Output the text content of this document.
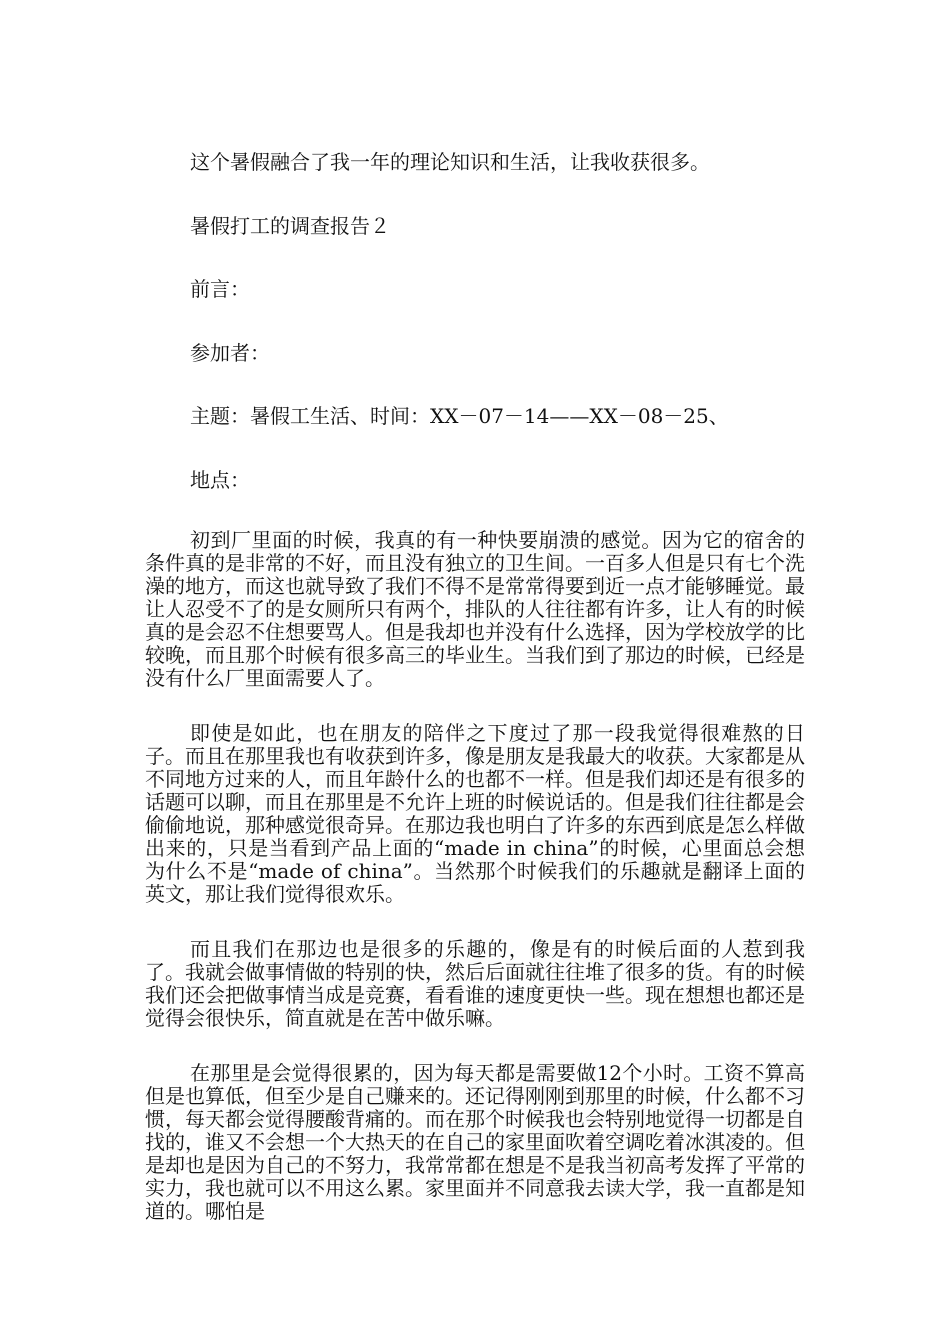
这个暑假融合了我一年的理论知识和生活，让我收获很多。

暑假打工的调查报告２

前言：

参加者：

主题：暑假工生活、时间：XX－07－14——XX－08－25、

地点：

初到厂里面的时候，我真的有一种快要崩溃的感觉。因为它的宿舍的条件真的是非常的不好，而且没有独立的卫生间。一百多人但是只有七个洗澡的地方，而这也就导致了我们不得不是常常得要到近一点才能够睡觉。最让人忍受不了的是女厕所只有两个，排队的人往往都有许多，让人有的时候真的是会忍不住想要骂人。但是我却也并没有什么选择，因为学校放学的比较晚，而且那个时候有很多高三的毕业生。当我们到了那边的时候，已经是没有什么厂里面需要人了。

即使是如此，也在朋友的陪伴之下度过了那一段我觉得很难熬的日子。而且在那里我也有收获到许多，像是朋友是我最大的收获。大家都是从不同地方过来的人，而且年龄什么的也都不一样。但是我们却还是有很多的话题可以聊，而且在那里是不允许上班的时候说话的。但是我们往往都是会偷偷地说，那种感觉很奇异。在那边我也明白了许多的东西到底是怎么样做出来的，只是当看到产品上面的“made in china”的时候，心里面总会想为什么不是“made of china”。当然那个时候我们的乐趣就是翻译上面的英文，那让我们觉得很欢乐。

而且我们在那边也是很多的乐趣的，像是有的时候后面的人惹到我了。我就会做事情做的特别的快，然后后面就往往堆了很多的货。有的时候我们还会把做事情当成是竞赛，看看谁的速度更快一些。现在想想也都还是觉得会很快乐，简直就是在苦中做乐嘛。

在那里是会觉得很累的，因为每天都是需要做12个小时。工资不算高但是也算低，但至少是自己赚来的。还记得刚刚到那里的时候，什么都不习惯，每天都会觉得腰酸背痛的。而在那个时候我也会特别地觉得一切都是自找的，谁又不会想一个大热天的在自己的家里面吹着空调吃着冰淇凌的。但是却也是因为自己的不努力，我常常都在想是不是我当初高考发挥了平常的实力，我也就可以不用这么累。家里面并不同意我去读大学，我一直都是知道的。哪怕是
